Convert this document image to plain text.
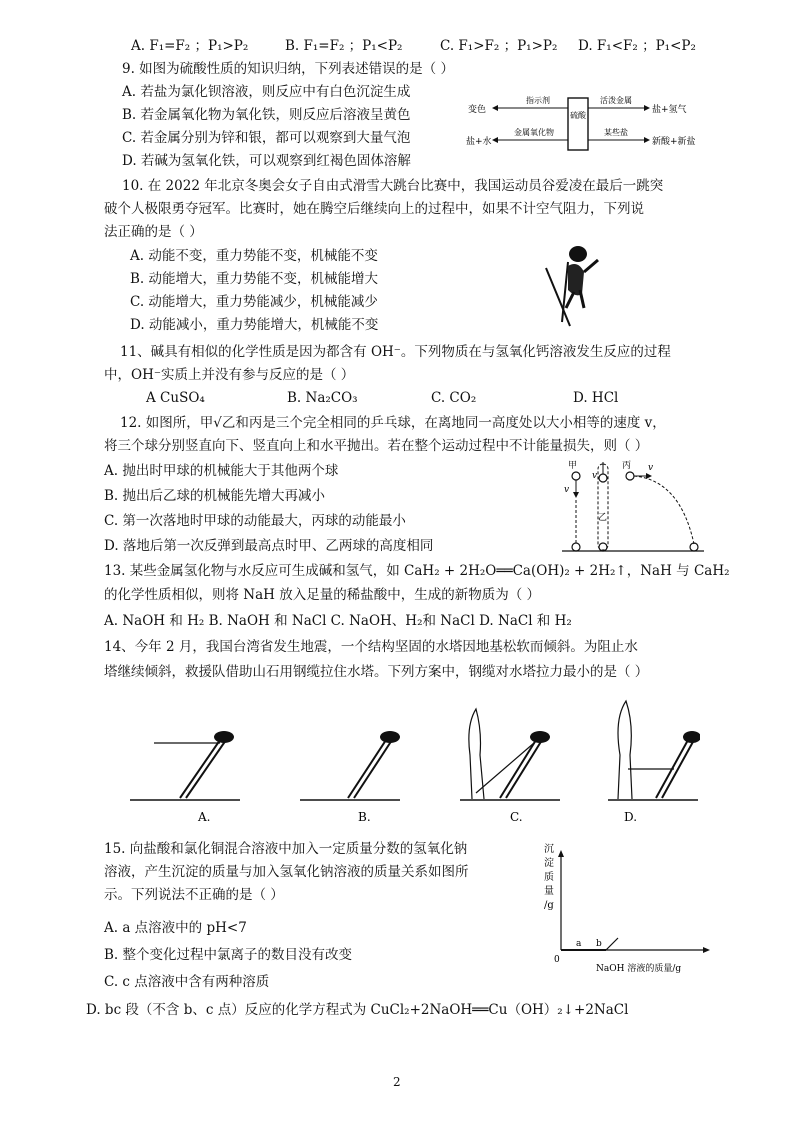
A. F₁=F₂ ；P₁>P₂	B. F₁=F₂ ；P₁<P₂	C. F₁>F₂ ；P₁>P₂ D. F₁<F₂ ；P₁<P₂
9. 如图为硫酸性质的知识归纳，下列表述错误的是（ ）
A. 若盐为氯化钡溶液，则反应中有白色沉淀生成
B. 若金属氧化物为氧化铁，则反应后溶液呈黄色
C. 若金属分别为锌和银，都可以观察到大量气泡
D. 若碱为氢氧化铁，可以观察到红褐色固体溶解
硫酸
指示剂
变色
活泼金属
盐+氢气
金属氧化物
盐+水
某些盐
新酸+新盐
10. 在 2022 年北京冬奥会女子自由式滑雪大跳台比赛中，我国运动员谷爱凌在最后一跳突
破个人极限勇夺冠军。比赛时，她在腾空后继续向上的过程中，如果不计空气阻力，下列说
法正确的是（ ）
A. 动能不变，重力势能不变，机械能不变
B. 动能增大，重力势能不变，机械能增大
C. 动能增大，重力势能减少，机械能减少
D. 动能减小，重力势能增大，机械能不变
11、碱具有相似的化学性质是因为都含有 OH⁻。下列物质在与氢氧化钙溶液发生反应的过程
中，OH⁻实质上并没有参与反应的是（ ）
A CuSO₄	B. Na₂CO₃	C. CO₂	D. HCl
12. 如图所，甲√乙和丙是三个完全相同的乒乓球，在离地同一高度处以大小相等的速度 v，
将三个球分别竖直向下、竖直向上和水平抛出。若在整个运动过程中不计能量损失，则（ ）
A. 抛出时甲球的机械能大于其他两个球
B. 抛出后乙球的机械能先增大再减小
C. 第一次落地时甲球的动能最大，丙球的动能最小
D. 落地后第一次反弹到最高点时甲、乙两球的高度相同
甲
v
v
乙
丙 v
13. 某些金属氢化物与水反应可生成碱和氢气，如 CaH₂ + 2H₂O══Ca(OH)₂ + 2H₂↑，NaH 与 CaH₂
的化学性质相似，则将 NaH 放入足量的稀盐酸中，生成的新物质为（ ）
A. NaOH 和 H₂ B. NaOH 和 NaCl C. NaOH、H₂和 NaCl D. NaCl 和 H₂
14、今年 2 月，我国台湾省发生地震，一个结构坚固的水塔因地基松软而倾斜。为阻止水
塔继续倾斜，救援队借助山石用钢缆拉住水塔。下列方案中，钢缆对水塔拉力最小的是（ ）
A.	B.	C.	D.
15. 向盐酸和氯化铜混合溶液中加入一定质量分数的氢氧化钠
溶液，产生沉淀的质量与加入氢氧化钠溶液的质量关系如图所
示。下列说法不正确的是（ ）
A. a 点溶液中的 pH<7
B. 整个变化过程中氯离子的数目没有改变
C. c 点溶液中含有两种溶质
D. bc 段（不含 b、c 点）反应的化学方程式为 CuCl₂+2NaOH══Cu（OH）₂↓+2NaCl
沉
淀
质
量
/g
0
a b
NaOH 溶液的质量/g
2
